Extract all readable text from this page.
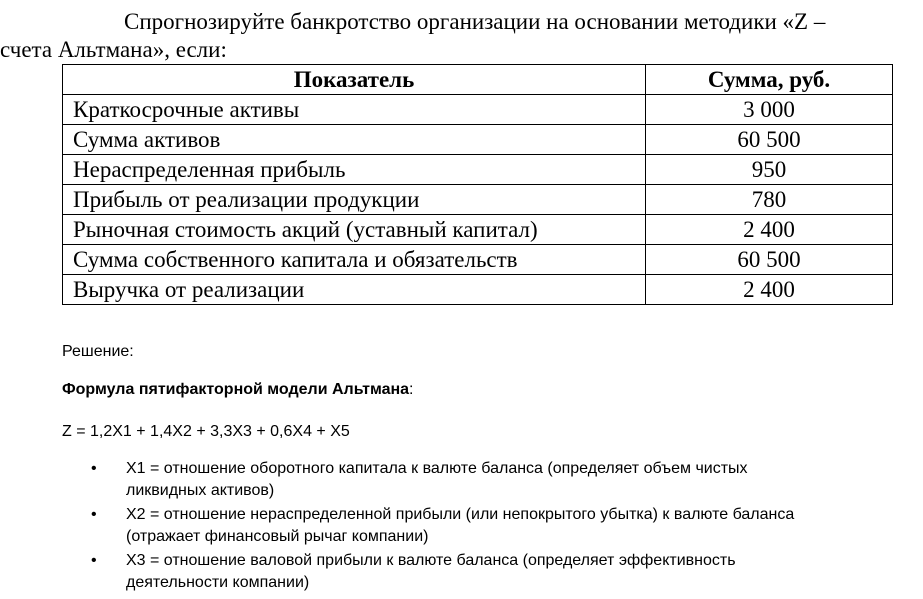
Спрогнозируйте банкротство организации на основании методики «Z –
счета Альтмана», если:

Показатель	Сумма, руб.
Краткосрочные активы	3 000
Сумма активов	60 500
Нераспределенная прибыль	950
Прибыль от реализации продукции	780
Рыночная стоимость акций (уставный капитал)	2 400
Сумма собственного капитала и обязательств	60 500
Выручка от реализации	2 400

Решение:

Формула пятифакторной модели Альтмана:

Z = 1,2X1 + 1,4X2 + 3,3X3 + 0,6X4 + X5

• X1 = отношение оборотного капитала к валюте баланса (определяет объем чистых
ликвидных активов)
• X2 = отношение нераспределенной прибыли (или непокрытого убытка) к валюте баланса
(отражает финансовый рычаг компании)
• X3 = отношение валовой прибыли к валюте баланса (определяет эффективность
деятельности компании)
